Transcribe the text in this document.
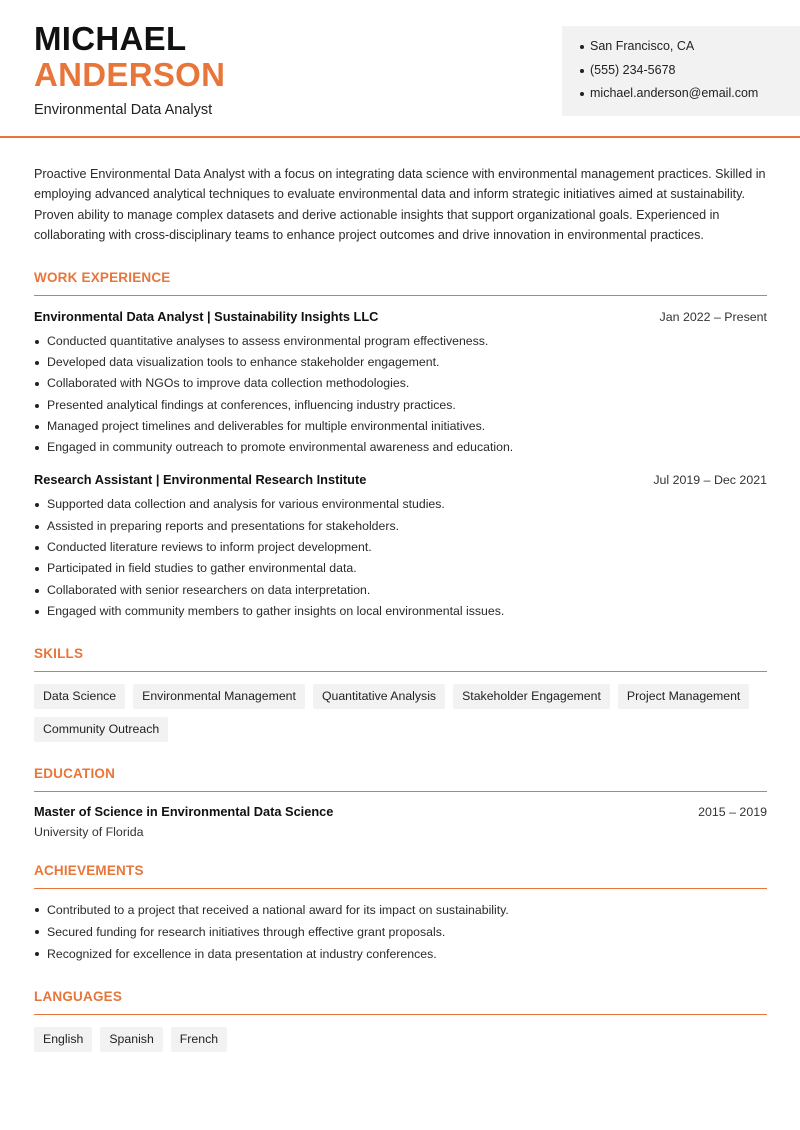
MICHAEL
ANDERSON
Environmental Data Analyst
San Francisco, CA
(555) 234-5678
michael.anderson@email.com

Proactive Environmental Data Analyst with a focus on integrating data science with environmental management practices. Skilled in employing advanced analytical techniques to evaluate environmental data and inform strategic initiatives aimed at sustainability. Proven ability to manage complex datasets and derive actionable insights that support organizational goals. Experienced in collaborating with cross-disciplinary teams to enhance project outcomes and drive innovation in environmental practices.

WORK EXPERIENCE
Environmental Data Analyst | Sustainability Insights LLC	Jan 2022 – Present
Conducted quantitative analyses to assess environmental program effectiveness.
Developed data visualization tools to enhance stakeholder engagement.
Collaborated with NGOs to improve data collection methodologies.
Presented analytical findings at conferences, influencing industry practices.
Managed project timelines and deliverables for multiple environmental initiatives.
Engaged in community outreach to promote environmental awareness and education.
Research Assistant | Environmental Research Institute	Jul 2019 – Dec 2021
Supported data collection and analysis for various environmental studies.
Assisted in preparing reports and presentations for stakeholders.
Conducted literature reviews to inform project development.
Participated in field studies to gather environmental data.
Collaborated with senior researchers on data interpretation.
Engaged with community members to gather insights on local environmental issues.
SKILLS
Data Science	Environmental Management	Quantitative Analysis	Stakeholder Engagement	Project Management
Community Outreach
EDUCATION
Master of Science in Environmental Data Science	2015 – 2019
University of Florida
ACHIEVEMENTS
Contributed to a project that received a national award for its impact on sustainability.
Secured funding for research initiatives through effective grant proposals.
Recognized for excellence in data presentation at industry conferences.
LANGUAGES
English	Spanish	French
